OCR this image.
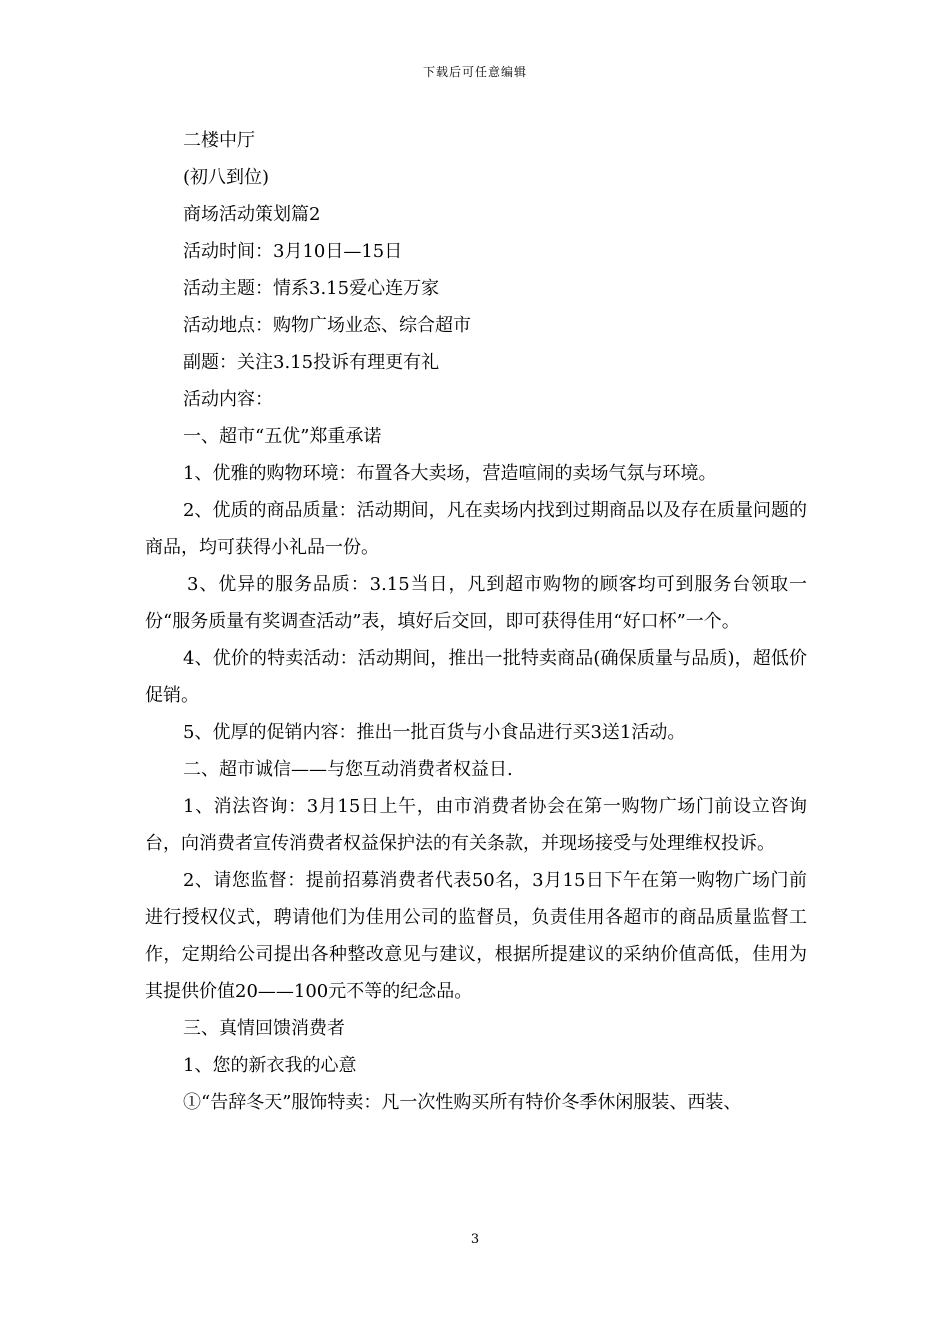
下载后可任意编辑

二楼中厅

(初八到位)

商场活动策划篇2

活动时间：3月10日—15日

活动主题：情系3.15爱心连万家

活动地点：购物广场业态、综合超市

副题：关注3.15投诉有理更有礼

活动内容：

一、超市“五优”郑重承诺

1、优雅的购物环境：布置各大卖场，营造喧闹的卖场气氛与环境。

2、优质的商品质量：活动期间，凡在卖场内找到过期商品以及存在质量问题的商品，均可获得小礼品一份。

3、优异的服务品质：3.15当日，凡到超市购物的顾客均可到服务台领取一份“服务质量有奖调查活动”表，填好后交回，即可获得佳用“好口杯”一个。

4、优价的特卖活动：活动期间，推出一批特卖商品(确保质量与品质)，超低价促销。

5、优厚的促销内容：推出一批百货与小食品进行买3送1活动。

二、超市诚信——与您互动消费者权益日.

1、消法咨询：3月15日上午，由市消费者协会在第一购物广场门前设立咨询台，向消费者宣传消费者权益保护法的有关条款，并现场接受与处理维权投诉。

2、请您监督：提前招募消费者代表50名，3月15日下午在第一购物广场门前进行授权仪式，聘请他们为佳用公司的监督员，负责佳用各超市的商品质量监督工作，定期给公司提出各种整改意见与建议，根据所提建议的采纳价值高低，佳用为其提供价值20——100元不等的纪念品。

三、真情回馈消费者

1、您的新衣我的心意

①“告辞冬天”服饰特卖：凡一次性购买所有特价冬季休闲服装、西装、

3
